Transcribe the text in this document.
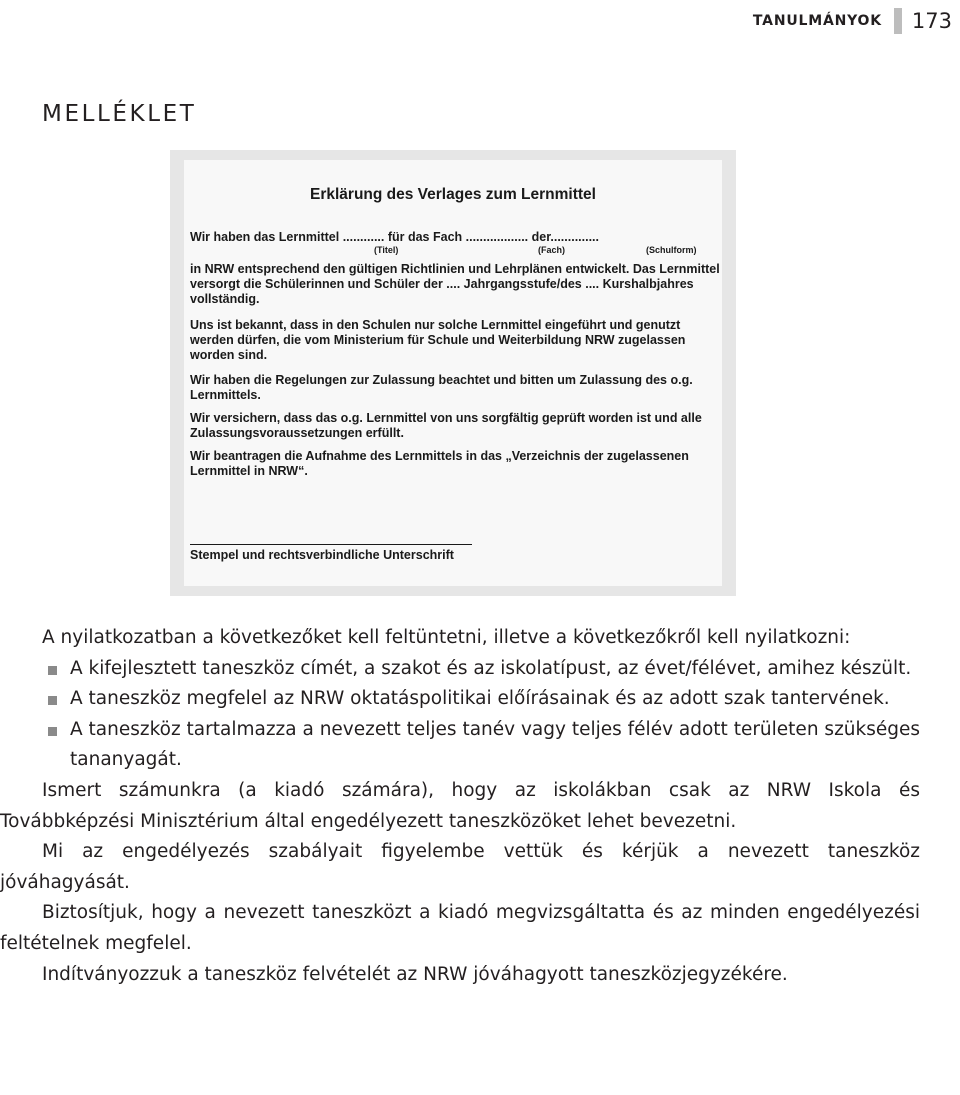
TANULMÁNYOK 173
MELLÉKLET
Erklärung des Verlages zum Lernmittel
Wir haben das Lernmittel ............ für das Fach .................. der..............
(Titel)	(Fach)	(Schulform)

in NRW entsprechend den gültigen Richtlinien und Lehrplänen entwickelt. Das Lernmittel versorgt die Schülerinnen und Schüler der .... Jahrgangsstufe/des .... Kurshalbjahres vollständig.

Uns ist bekannt, dass in den Schulen nur solche Lernmittel eingeführt und genutzt werden dürfen, die vom Ministerium für Schule und Weiterbildung NRW zugelassen worden sind.

Wir haben die Regelungen zur Zulassung beachtet und bitten um Zulassung des o.g. Lernmittels.

Wir versichern, dass das o.g. Lernmittel von uns sorgfältig geprüft worden ist und alle Zulassungsvoraussetzungen erfüllt.

Wir beantragen die Aufnahme des Lernmittels in das „Verzeichnis der zugelassenen Lernmittel in NRW“.

Stempel und rechtsverbindliche Unterschrift

A nyilatkozatban a következőket kell feltüntetni, illetve a következőkről kell nyilatkozni:

A kifejlesztett taneszköz címét, a szakot és az iskolatípust, az évet/félévet, amihez készült.
A taneszköz megfelel az NRW oktatáspolitikai előírásainak és az adott szak tantervének.
A taneszköz tartalmazza a nevezett teljes tanév vagy teljes félév adott területen szükséges tananyagát.

Ismert számunkra (a kiadó számára), hogy az iskolákban csak az NRW Iskola és Továbbképzési Minisztérium által engedélyezett taneszközöket lehet bevezetni.

Mi az engedélyezés szabályait figyelembe vettük és kérjük a nevezett taneszköz jóváhagyását.

Biztosítjuk, hogy a nevezett taneszközt a kiadó megvizsgáltatta és az minden engedélyezési feltételnek megfelel.

Indítványozzuk a taneszköz felvételét az NRW jóváhagyott taneszközjegyzékére.
